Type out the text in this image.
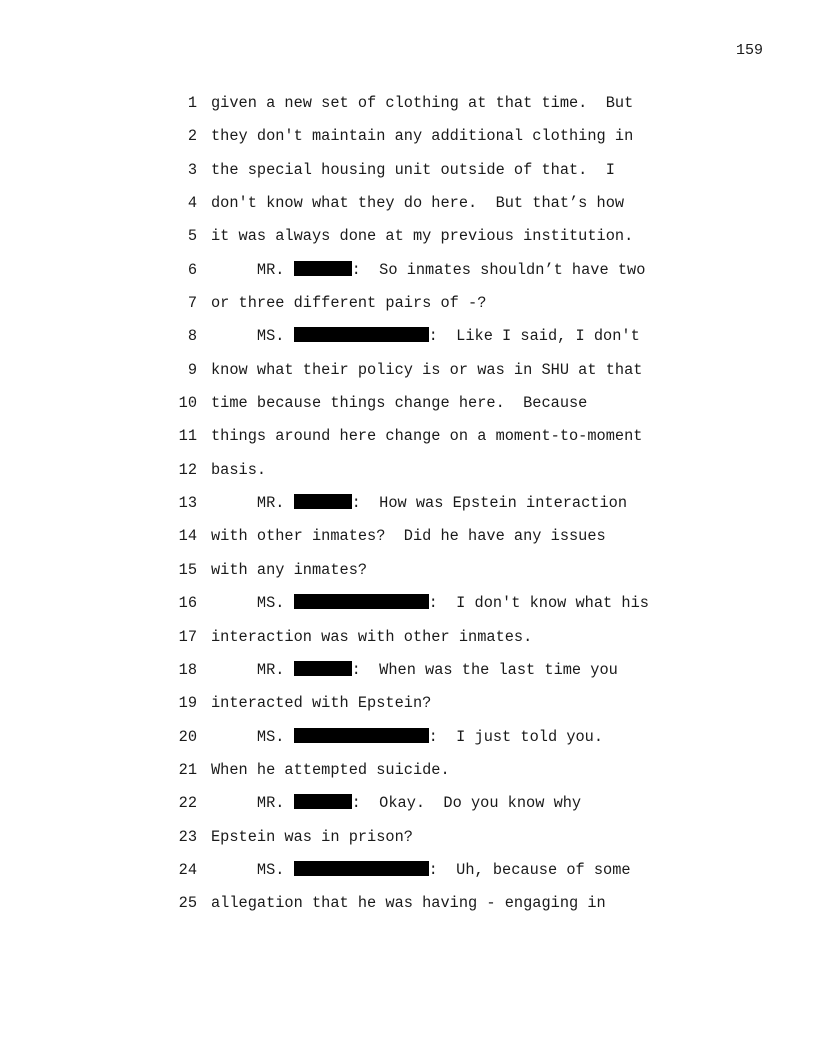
159
1 given a new set of clothing at that time.  But
2 they don't maintain any additional clothing in
3 the special housing unit outside of that.  I
4 don't know what they do here.  But that’s how
5 it was always done at my previous institution.
6 MR.	:  So inmates shouldn’t have two
7 or three different pairs of -?
8 MS.	:  Like I said, I don't
9 know what their policy is or was in SHU at that
10 time because things change here.  Because
11 things around here change on a moment-to-moment
12 basis.
13 MR.	:  How was Epstein interaction
14 with other inmates?  Did he have any issues
15 with any inmates?
16 MS.	:  I don't know what his
17 interaction was with other inmates.
18 MR.	:  When was the last time you
19 interacted with Epstein?
20 MS.	:  I just told you.
21 When he attempted suicide.
22 MR.	:  Okay.  Do you know why
23 Epstein was in prison?
24 MS.	:  Uh, because of some
25 allegation that he was having - engaging in
